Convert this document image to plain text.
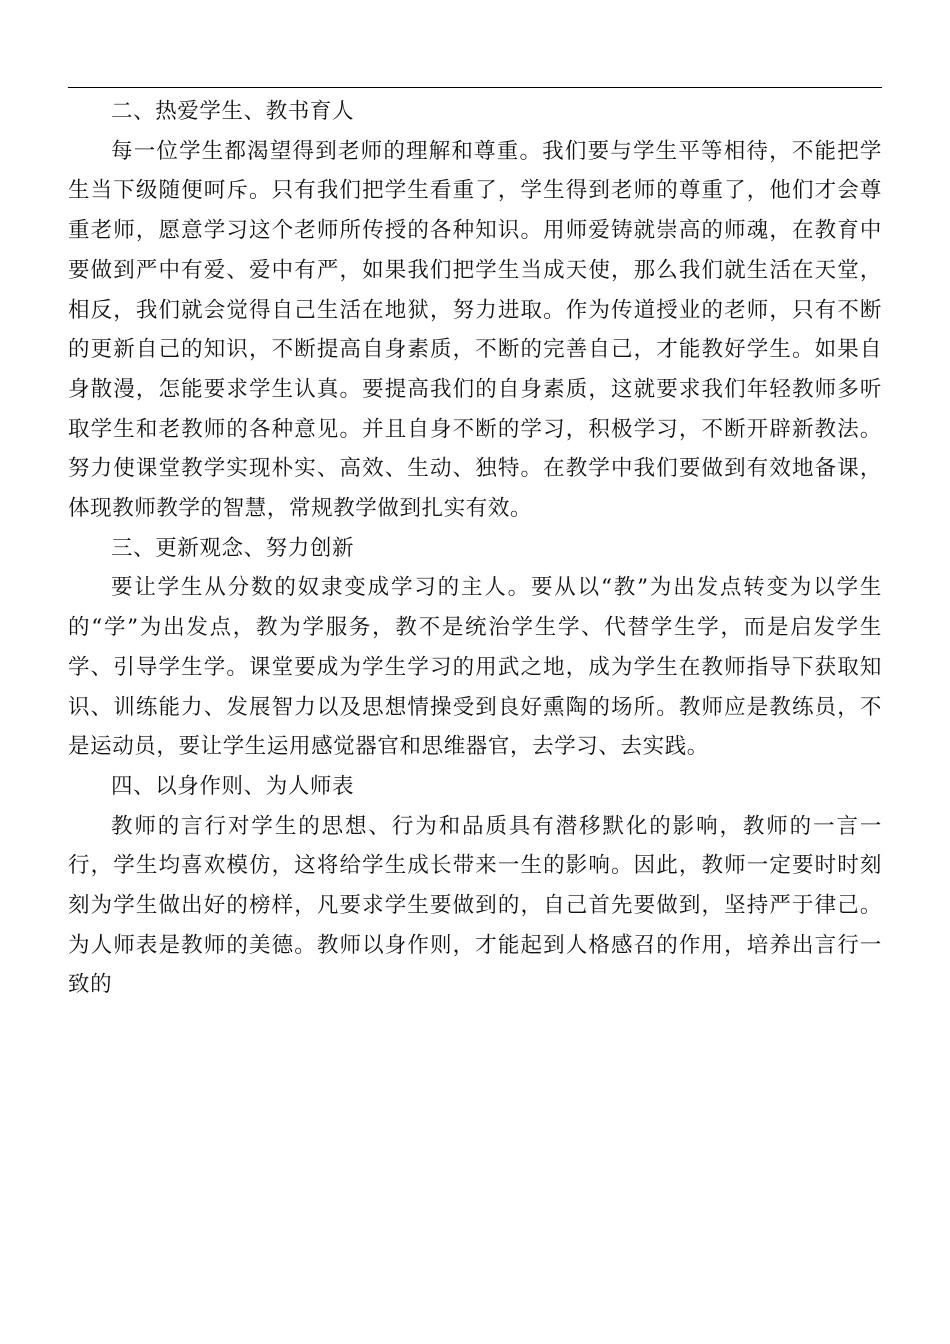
二、热爱学生、教书育人

每一位学生都渴望得到老师的理解和尊重。我们要与学生平等相待，不能把学生当下级随便呵斥。只有我们把学生看重了，学生得到老师的尊重了，他们才会尊重老师，愿意学习这个老师所传授的各种知识。用师爱铸就崇高的师魂，在教育中要做到严中有爱、爱中有严，如果我们把学生当成天使，那么我们就生活在天堂，相反，我们就会觉得自己生活在地狱，努力进取。作为传道授业的老师，只有不断的更新自己的知识，不断提高自身素质，不断的完善自己，才能教好学生。如果自身散漫，怎能要求学生认真。要提高我们的自身素质，这就要求我们年轻教师多听取学生和老教师的各种意见。并且自身不断的学习，积极学习，不断开辟新教法。努力使课堂教学实现朴实、高效、生动、独特。在教学中我们要做到有效地备课，体现教师教学的智慧，常规教学做到扎实有效。

三、更新观念、努力创新

要让学生从分数的奴隶变成学习的主人。要从以“教”为出发点转变为以学生的“学”为出发点，教为学服务，教不是统治学生学、代替学生学，而是启发学生学、引导学生学。课堂要成为学生学习的用武之地，成为学生在教师指导下获取知识、训练能力、发展智力以及思想情操受到良好熏陶的场所。教师应是教练员，不是运动员，要让学生运用感觉器官和思维器官，去学习、去实践。

四、以身作则、为人师表

教师的言行对学生的思想、行为和品质具有潜移默化的影响，教师的一言一行，学生均喜欢模仿，这将给学生成长带来一生的影响。因此，教师一定要时时刻刻为学生做出好的榜样，凡要求学生要做到的，自己首先要做到，坚持严于律己。为人师表是教师的美德。教师以身作则，才能起到人格感召的作用，培养出言行一致的
